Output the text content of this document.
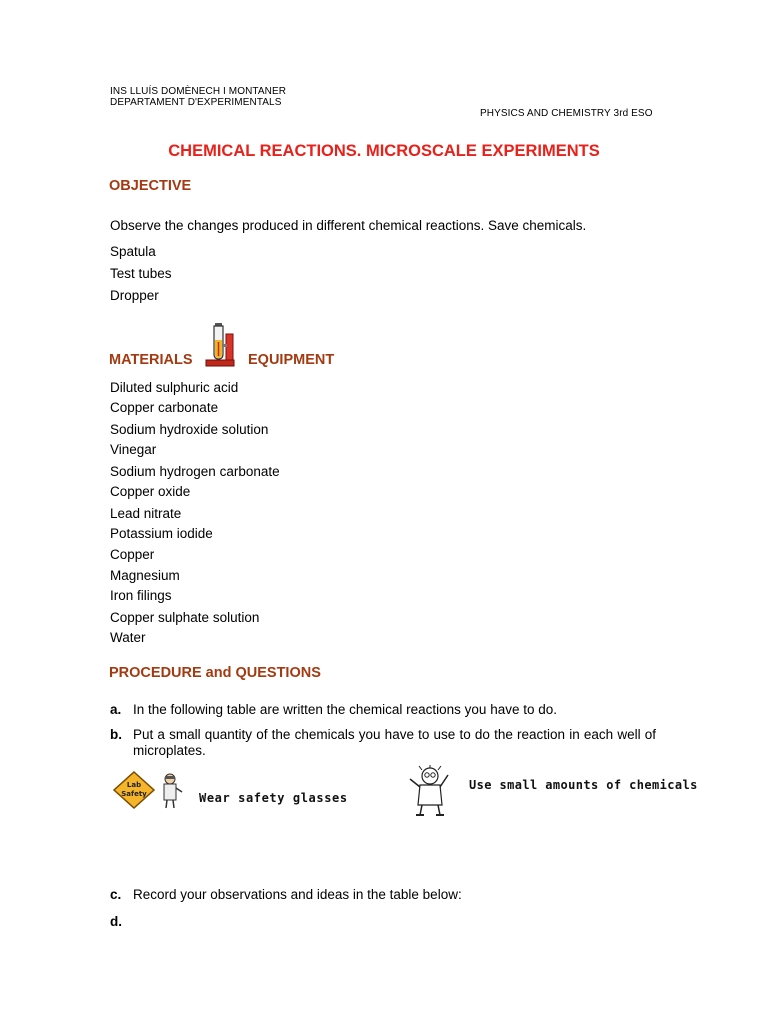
INS LLUÍS DOMÈNECH I MONTANER
DEPARTAMENT D'EXPERIMENTALS
PHYSICS AND CHEMISTRY 3rd ESO
CHEMICAL REACTIONS. MICROSCALE EXPERIMENTS
OBJECTIVE
Observe the changes produced in different chemical reactions. Save chemicals.
Spatula
Test tubes
Dropper
MATERIALS	EQUIPMENT
Diluted sulphuric acid
Copper carbonate
Sodium hydroxide solution
Vinegar
Sodium hydrogen carbonate
Copper oxide
Lead nitrate
Potassium iodide
Copper
Magnesium
Iron filings
Copper sulphate solution
Water
PROCEDURE and QUESTIONS
a. In the following table are written the chemical reactions you have to do.
b. Put a small quantity of the chemicals you have to use to do the reaction in each well of microplates.
Lab
Safety	Wear safety glasses
Use small amounts of chemicals
c. Record your observations and ideas in the table below:
d.
